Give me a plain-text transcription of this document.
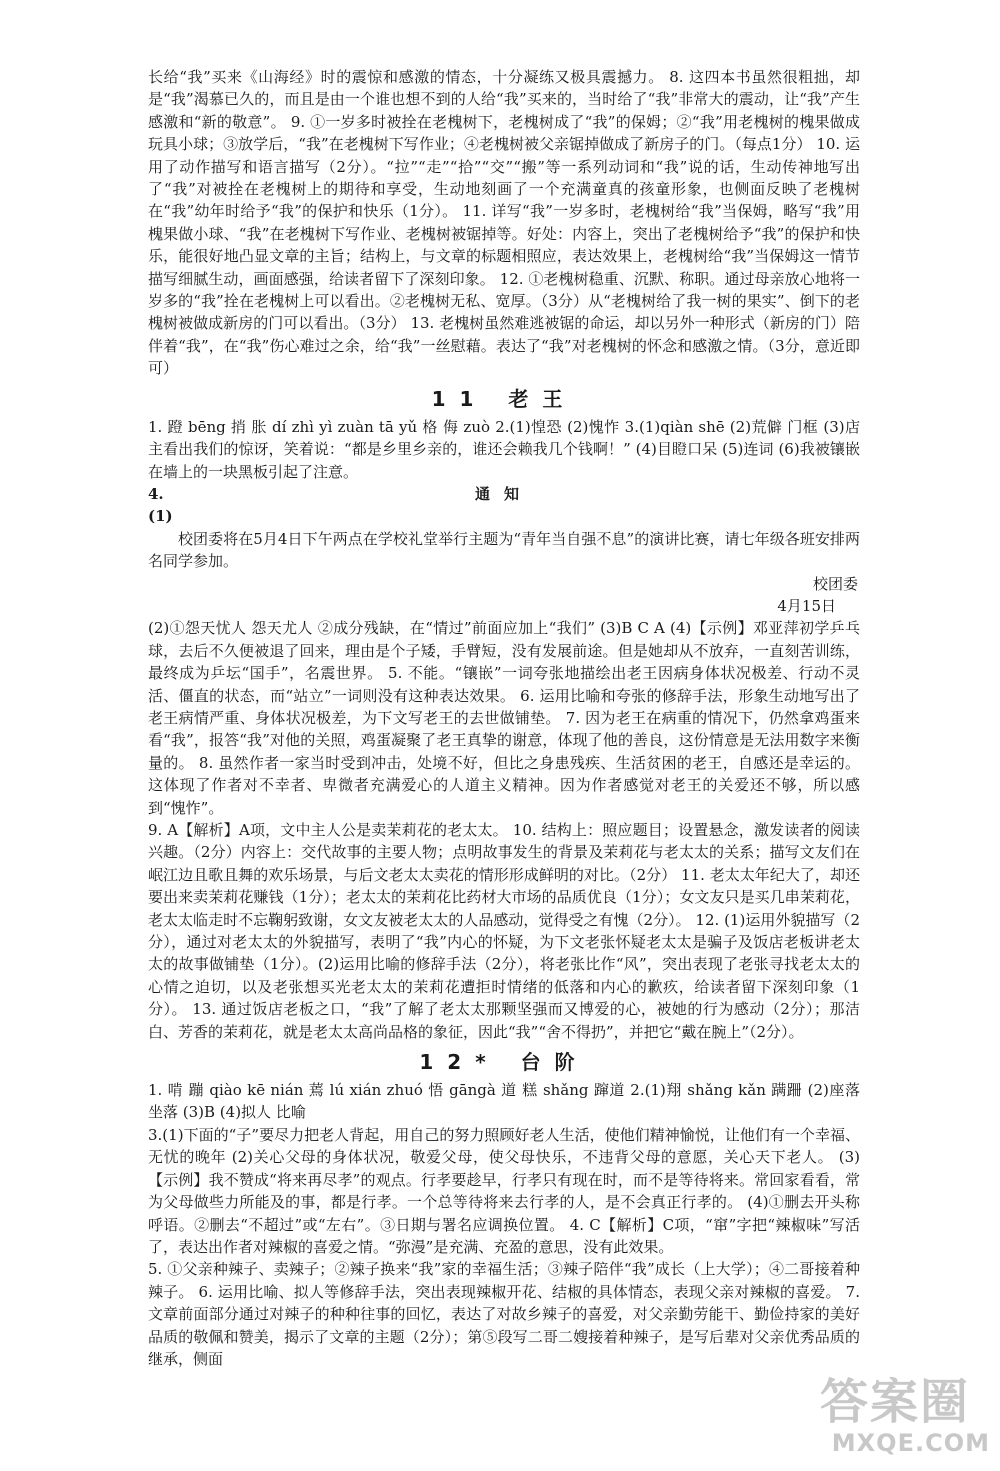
长给“我”买来《山海经》时的震惊和感激的情态，十分凝练又极具震撼力。 8. 这四本书虽然很粗拙，却是“我”渴慕已久的，而且是由一个谁也想不到的人给“我”买来的，当时给了“我”非常大的震动，让“我”产生感激和“新的敬意”。 9. ①一岁多时被拴在老槐树下，老槐树成了“我”的保姆；②“我”用老槐树的槐果做成玩具小球；③放学后，“我”在老槐树下写作业；④老槐树被父亲锯掉做成了新房子的门。（每点1分） 10. 运用了动作描写和语言描写（2分）。“拉”“走”“拾”“交”“搬”等一系列动词和“我”说的话，生动传神地写出了“我”对被拴在老槐树上的期待和享受，生动地刻画了一个充满童真的孩童形象，也侧面反映了老槐树在“我”幼年时给予“我”的保护和快乐（1分）。 11. 详写“我”一岁多时，老槐树给“我”当保姆，略写“我”用槐果做小球、“我”在老槐树下写作业、老槐树被锯掉等。好处：内容上，突出了老槐树给予“我”的保护和快乐，能很好地凸显文章的主旨；结构上，与文章的标题相照应，表达效果上，老槐树给“我”当保姆这一情节描写细腻生动，画面感强，给读者留下了深刻印象。 12. ①老槐树稳重、沉默、称职。通过母亲放心地将一岁多的“我”拴在老槐树上可以看出。②老槐树无私、宽厚。（3分）从“老槐树给了我一树的果实”、倒下的老槐树被做成新房的门可以看出。（3分） 13. 老槐树虽然难逃被锯的命运，却以另外一种形式（新房的门）陪伴着“我”，在“我”伤心难过之余，给“我”一丝慰藉。表达了“我”对老槐树的怀念和感激之情。（3分，意近即可）

11 老王

1. 蹬 bēng 捎 胀 dí zhì yì zuàn tā yǔ 格 侮 zuò 2.(1)惶恐 (2)愧怍 3.(1)qiàn shē (2)荒僻 门框 (3)店主看出我们的惊讶，笑着说：“都是乡里乡亲的，谁还会赖我几个钱啊！” (4)目瞪口呆 (5)连词 (6)我被镶嵌在墙上的一块黑板引起了注意。

4.(1)
通知

校团委将在5月4日下午两点在学校礼堂举行主题为“青年当自强不息”的演讲比赛，请七年级各班安排两名同学参加。

校团委

4月15日

(2)①怨天忧人 怨天尤人 ②成分残缺，在“情过”前面应加上“我们” (3)B C A (4)【示例】邓亚萍初学乒乓球，去后不久便被退了回来，理由是个子矮，手臂短，没有发展前途。但是她却从不放弃，一直刻苦训练，最终成为乒坛“国手”，名震世界。 5. 不能。“镶嵌”一词夸张地描绘出老王因病身体状况极差、行动不灵活、僵直的状态，而“站立”一词则没有这种表达效果。 6. 运用比喻和夸张的修辞手法，形象生动地写出了老王病情严重、身体状况极差，为下文写老王的去世做铺垫。 7. 因为老王在病重的情况下，仍然拿鸡蛋来看“我”，报答“我”对他的关照，鸡蛋凝聚了老王真挚的谢意，体现了他的善良，这份情意是无法用数字来衡量的。 8. 虽然作者一家当时受到冲击，处境不好，但比之身患残疾、生活贫困的老王，自感还是幸运的。这体现了作者对不幸者、卑微者充满爱心的人道主义精神。因为作者感觉对老王的关爱还不够，所以感到“愧怍”。

9. A【解析】A项，文中主人公是卖茉莉花的老太太。 10. 结构上：照应题目；设置悬念，激发读者的阅读兴趣。（2分）内容上：交代故事的主要人物；点明故事发生的背景及茉莉花与老太太的关系；描写文友们在岷江边且歌且舞的欢乐场景，与后文老太太卖花的情形形成鲜明的对比。（2分） 11. 老太太年纪大了，却还要出来卖茉莉花赚钱（1分）；老太太的茉莉花比药材大市场的品质优良（1分）；女文友只是买几串茉莉花，老太太临走时不忘鞠躬致谢，女文友被老太太的人品感动，觉得受之有愧（2分）。 12. (1)运用外貌描写（2分），通过对老太太的外貌描写，表明了“我”内心的怀疑，为下文老张怀疑老太太是骗子及饭店老板讲老太太的故事做铺垫（1分）。(2)运用比喻的修辞手法（2分），将老张比作“风”，突出表现了老张寻找老太太的心情之迫切，以及老张想买光老太太的茉莉花遭拒时情绪的低落和内心的歉疚，给读者留下深刻印象（1分）。 13. 通过饭店老板之口，“我”了解了老太太那颗坚强而又博爱的心，被她的行为感动（2分）；那洁白、芳香的茉莉花，就是老太太高尚品格的象征，因此“我”“舍不得扔”，并把它“戴在腕上”（2分）。

12* 台阶

1. 啃 蹦 qiào kē nián 蔫 lú xián zhuó 悟 gāngà 道 糕 shǎng 蹿道 2.(1)翔 shǎng kǎn 蹒跚 (2)座落 坐落 (3)B (4)拟人 比喻

3.(1)下面的“子”要尽力把老人背起，用自己的努力照顾好老人生活，使他们精神愉悦，让他们有一个幸福、无忧的晚年 (2)关心父母的身体状况，敬爱父母，使父母快乐，不违背父母的意愿，关心天下老人。 (3)【示例】我不赞成“将来再尽孝”的观点。行孝要趁早，行孝只有现在时，而不是等待将来。常回家看看，常为父母做些力所能及的事，都是行孝。一个总等待将来去行孝的人，是不会真正行孝的。 (4)①删去开头称呼语。②删去“不超过”或“左右”。③日期与署名应调换位置。 4. C【解析】C项，“窜”字把“辣椒味”写活了，表达出作者对辣椒的喜爱之情。“弥漫”是充满、充盈的意思，没有此效果。

5. ①父亲种辣子、卖辣子；②辣子换来“我”家的幸福生活；③辣子陪伴“我”成长（上大学）；④二哥接着种辣子。 6. 运用比喻、拟人等修辞手法，突出表现辣椒开花、结椒的具体情态，表现父亲对辣椒的喜爱。 7. 文章前面部分通过对辣子的种种往事的回忆，表达了对故乡辣子的喜爱，对父亲勤劳能干、勤俭持家的美好品质的敬佩和赞美，揭示了文章的主题（2分）；第⑤段写二哥二嫂接着种辣子，是写后辈对父亲优秀品质的继承，侧面

答案圈
MXQE.COM
